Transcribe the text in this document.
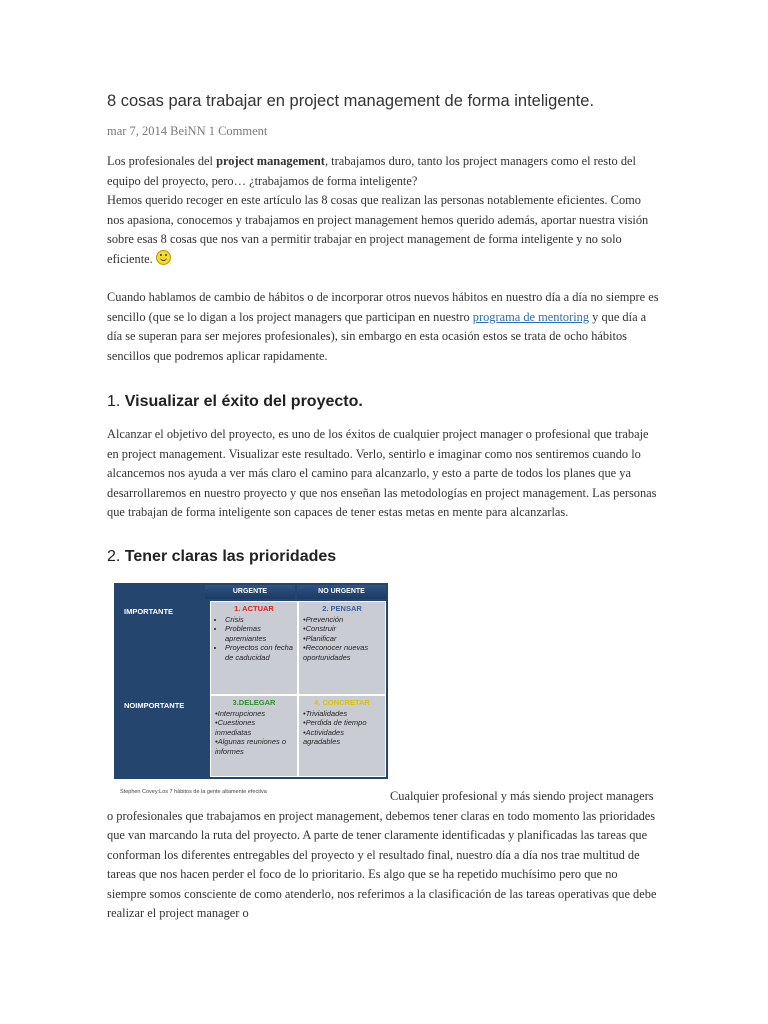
8 cosas para trabajar en project management de forma inteligente.
mar 7, 2014 BeiNN 1 Comment

Los profesionales del project management, trabajamos duro, tanto los project managers como el resto del equipo del proyecto, pero… ¿trabajamos de forma inteligente?

Hemos querido recoger en este artículo las 8 cosas que realizan las personas notablemente eficientes. Como nos apasiona, conocemos y trabajamos en project management hemos querido además, aportar nuestra visión sobre esas 8 cosas que nos van a permitir trabajar en project management de forma inteligente y no solo eficiente.

Cuando hablamos de cambio de hábitos o de incorporar otros nuevos hábitos en nuestro día a día no siempre es sencillo (que se lo digan a los project managers que participan en nuestro programa de mentoring y que día a día se superan para ser mejores profesionales), sin embargo en esta ocasión estos se trata de ocho hábitos sencillos que podremos aplicar rapidamente.

1. Visualizar el éxito del proyecto.
Alcanzar el objetivo del proyecto, es uno de los éxitos de cualquier project manager o profesional que trabaje en project management. Visualizar este resultado. Verlo, sentirlo e imaginar como nos sentiremos cuando lo alcancemos nos ayuda a ver más claro el camino para alcanzarlo, y esto a parte de todos los planes que ya desarrollaremos en nuestro proyecto y que nos enseñan las metodologías en project management. Las personas que trabajan de forma inteligente son capaces de tener estas metas en mente para alcanzarlas.
2. Tener claras las prioridades
URGENTE	NO URGENTE
IMPORTANTE
NOIMPORTANTE
1. ACTUAR
• Crisis
• Problemas apremiantes
• Proyectos con fecha de caducidad
2. PENSAR
•Prevención
•Construir
•Planificar
•Reconocer nuevas oportunidades
3.DELEGAR
•Interrupciones
•Cuestiones inmediatas
•Algunas reuniones o informes
4. CONCRETAR
•Trivialidades
•Perdida de tiempo
•Actividades agradables
Stephen Covey:Los 7 hábitos de la gente altamente efectiva	Cualquier profesional y más siendo project managers o profesionales que trabajamos en project management, debemos tener claras en todo momento las prioridades que van marcando la ruta del proyecto. A parte de tener claramente identificadas y planificadas las tareas que conforman los diferentes entregables del proyecto y el resultado final, nuestro día a día nos trae multitud de tareas que nos hacen perder el foco de lo prioritario. Es algo que se ha repetido muchísimo pero que no siempre somos consciente de como atenderlo, nos referimos a la clasificación de las tareas operativas que debe realizar el project manager o
